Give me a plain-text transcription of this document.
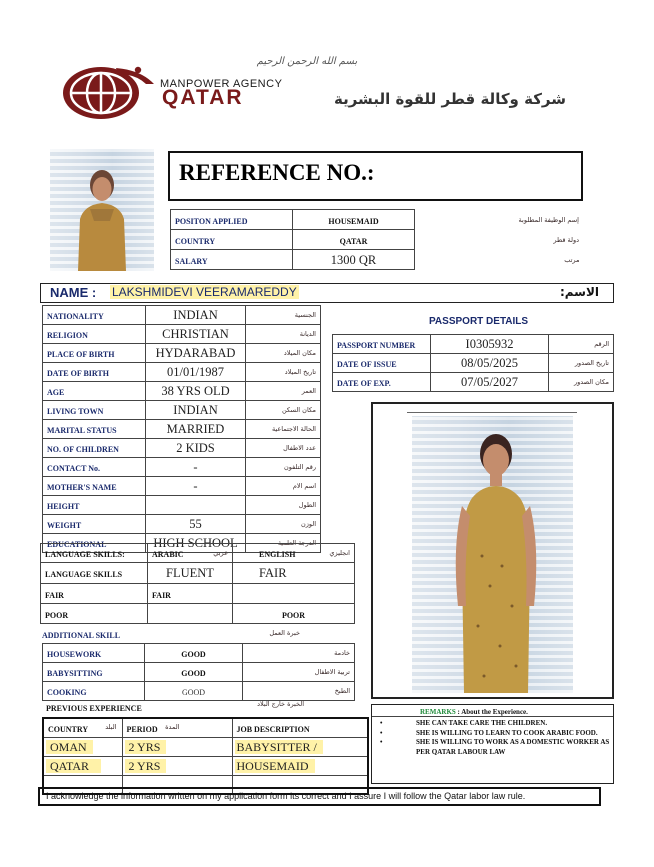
بسم الله الرحمن الرحيم
MANPOWER AGENCY
QATAR	شركة وكالة قطر للقوة البشرية
REFERENCE NO.:
POSITON APPLIED	HOUSEMAID	إسم الوظيفة المطلوبة

COUNTRY	QATAR	دولة قطر

SALARY	1300 QR	مرتب
NAME : LAKSHMIDEVI VEERAMAREDDY	الاسم:
NATIONALITY	INDIAN	الجنسية

RELIGION	CHRISTIAN	الديانة

PLACE OF BIRTH	HYDARABAD	مكان الميلاد

DATE OF BIRTH	01/01/1987	تاريخ الميلاد

AGE	38 YRS OLD	العمر

LIVING TOWN	INDIAN	مكان السكن

MARITAL STATUS	MARRIED	الحالة الاجتماعية

NO. OF CHILDREN	2 KIDS	عدد الاطفال

CONTACT No.	-	رقم التلفون

MOTHER'S NAME	-	اسم الام

HEIGHT		الطول

WEIGHT	55	الوزن

EDUCATIONAL	HIGH SCHOOL	الدرجة العلمية
PASSPORT DETAILS
PASSPORT NUMBER	I0305932	الرقم

DATE OF ISSUE	08/05/2025	تاريخ الصدور

DATE OF EXP.	07/05/2027	مكان الصدور
LANGUAGE SKILLS:	ARABIC عربي	ENGLISH انجليزي

LANGUAGE SKILLS	FLUENT	FAIR
FAIR	FAIR	
POOR		POOR
ADDITIONAL SKILL	خبرة العمل
HOUSEWORK	GOOD	خادمة

BABYSITTING	GOOD	تربية الاطفال

COOKING	GOOD	الطبخ
PREVIOUS EXPERIENCE	الخبرة خارج البلاد
COUNTRY البلد	PERIOD المدة	JOB DESCRIPTION
OMAN	2 YRS	BABYSITTER /
QATAR	2 YRS	HOUSEMAID

REMARKS : About the Experience.
•	SHE CAN TAKE CARE THE CHILDREN.
•	SHE IS WILLING TO LEARN TO COOK ARABIC FOOD.
•	SHE IS WILLING TO WORK AS A DOMESTIC WORKER AS PER QATAR LABOUR LAW
I acknowledge the information written on my application form its correct and I assure I will follow the Qatar labor law rule.
